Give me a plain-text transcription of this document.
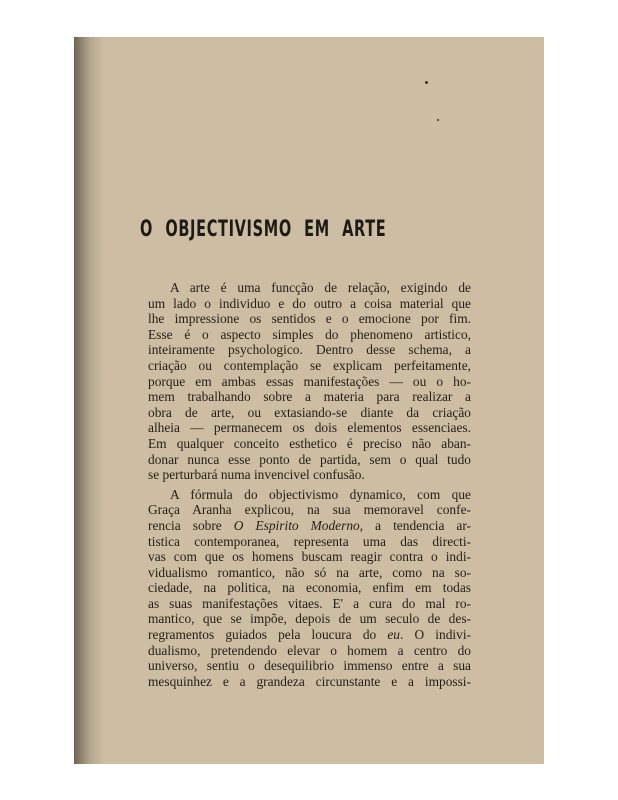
O OBJECTIVISMO EM ARTE

A arte é uma funcção de relação, exigindo de
um lado o individuo e do outro a coisa material que
lhe impressione os sentidos e o emocione por fim.
Esse é o aspecto simples do phenomeno artistico,
inteiramente psychologico. Dentro desse schema, a
criação ou contemplação se explicam perfeitamente,
porque em ambas essas manifestações — ou o ho-
mem trabalhando sobre a materia para realizar a
obra de arte, ou extasiando-se diante da criação
alheia — permanecem os dois elementos essenciaes.
Em qualquer conceito esthetico é preciso não aban-
donar nunca esse ponto de partida, sem o qual tudo
se perturbará numa invencivel confusão.

A fórmula do objectivismo dynamico, com que
Graça Aranha explicou, na sua memoravel confe-
rencia sobre O Espirito Moderno, a tendencia ar-
tistica contemporanea, representa uma das directi-
vas com que os homens buscam reagir contra o indi-
vidualismo romantico, não só na arte, como na so-
ciedade, na politica, na economia, enfim em todas
as suas manifestações vitaes. E' a cura do mal ro-
mantico, que se impõe, depois de um seculo de des-
regramentos guiados pela loucura do eu. O indivi-
dualismo, pretendendo elevar o homem a centro do
universo, sentiu o desequilibrio immenso entre a sua
mesquinhez e a grandeza circunstante e a impossi-
